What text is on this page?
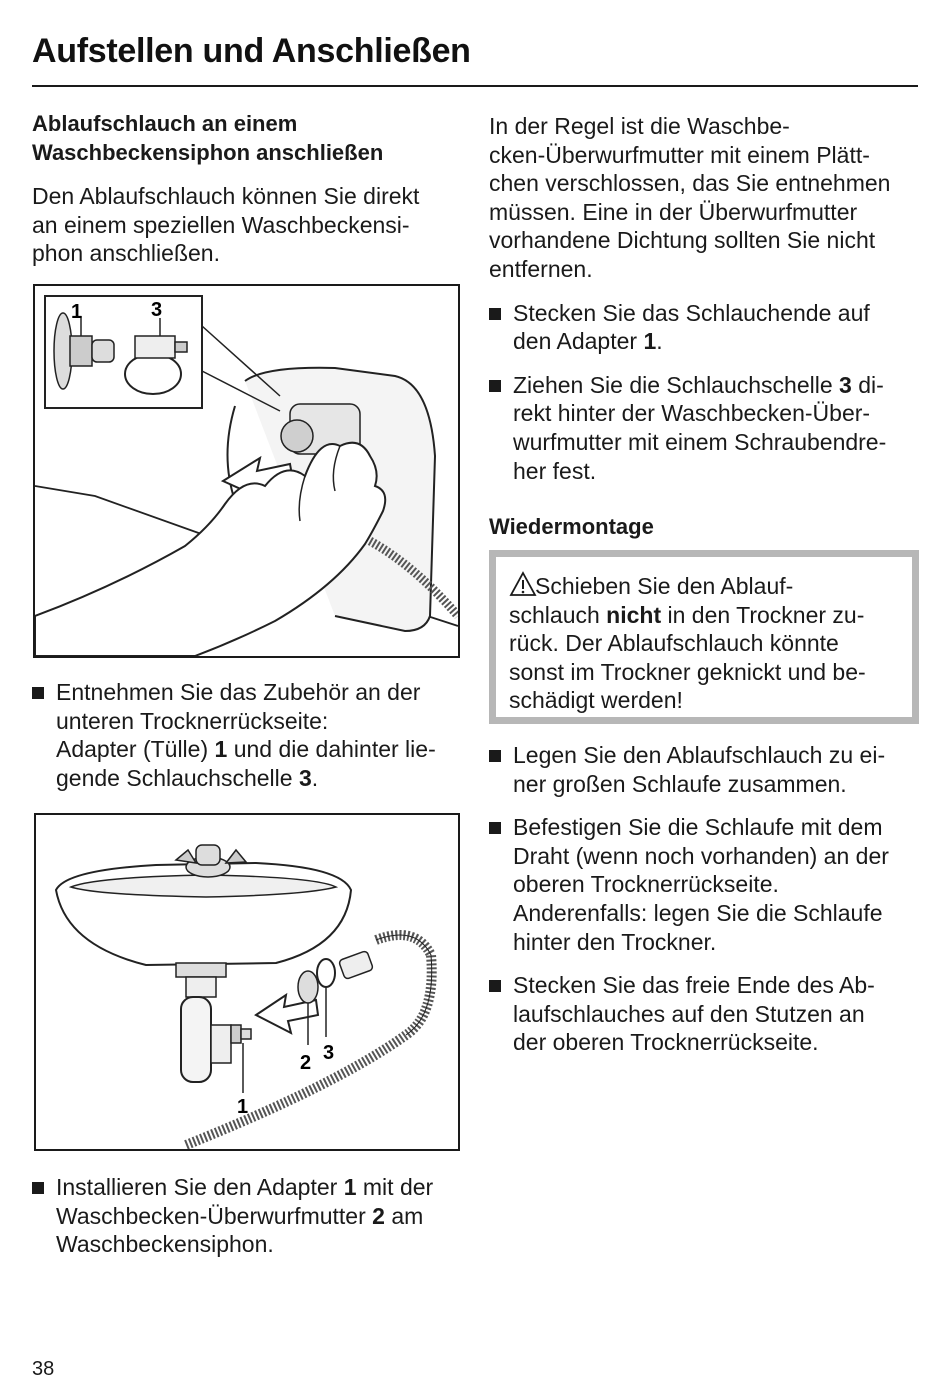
Aufstellen und Anschließen
Ablaufschlauch an einem
Waschbeckensiphon anschließen
Den Ablaufschlauch können Sie direkt
an einem speziellen Waschbeckensi-
phon anschließen.
1	3
Entnehmen Sie das Zubehör an der
unteren Trocknerrückseite:
Adapter (Tülle) 1 und die dahinter lie-
gende Schlauchschelle 3.
1
2 3
Installieren Sie den Adapter 1 mit der
Waschbecken-Überwurfmutter 2 am
Waschbeckensiphon.
In der Regel ist die Waschbe-
cken-Überwurfmutter mit einem Plätt-
chen verschlossen, das Sie entnehmen
müssen. Eine in der Überwurfmutter
vorhandene Dichtung sollten Sie nicht
entfernen.
Stecken Sie das Schlauchende auf
den Adapter 1.
Ziehen Sie die Schlauchschelle 3 di-
rekt hinter der Waschbecken-Über-
wurfmutter mit einem Schraubendre-
her fest.
Wiedermontage
Schieben Sie den Ablauf-
schlauch nicht in den Trockner zu-
rück. Der Ablaufschlauch könnte
sonst im Trockner geknickt und be-
schädigt werden!
Legen Sie den Ablaufschlauch zu ei-
ner großen Schlaufe zusammen.
Befestigen Sie die Schlaufe mit dem
Draht (wenn noch vorhanden) an der
oberen Trocknerrückseite.
Anderenfalls: legen Sie die Schlaufe
hinter den Trockner.
Stecken Sie das freie Ende des Ab-
laufschlauches auf den Stutzen an
der oberen Trocknerrückseite.
38
